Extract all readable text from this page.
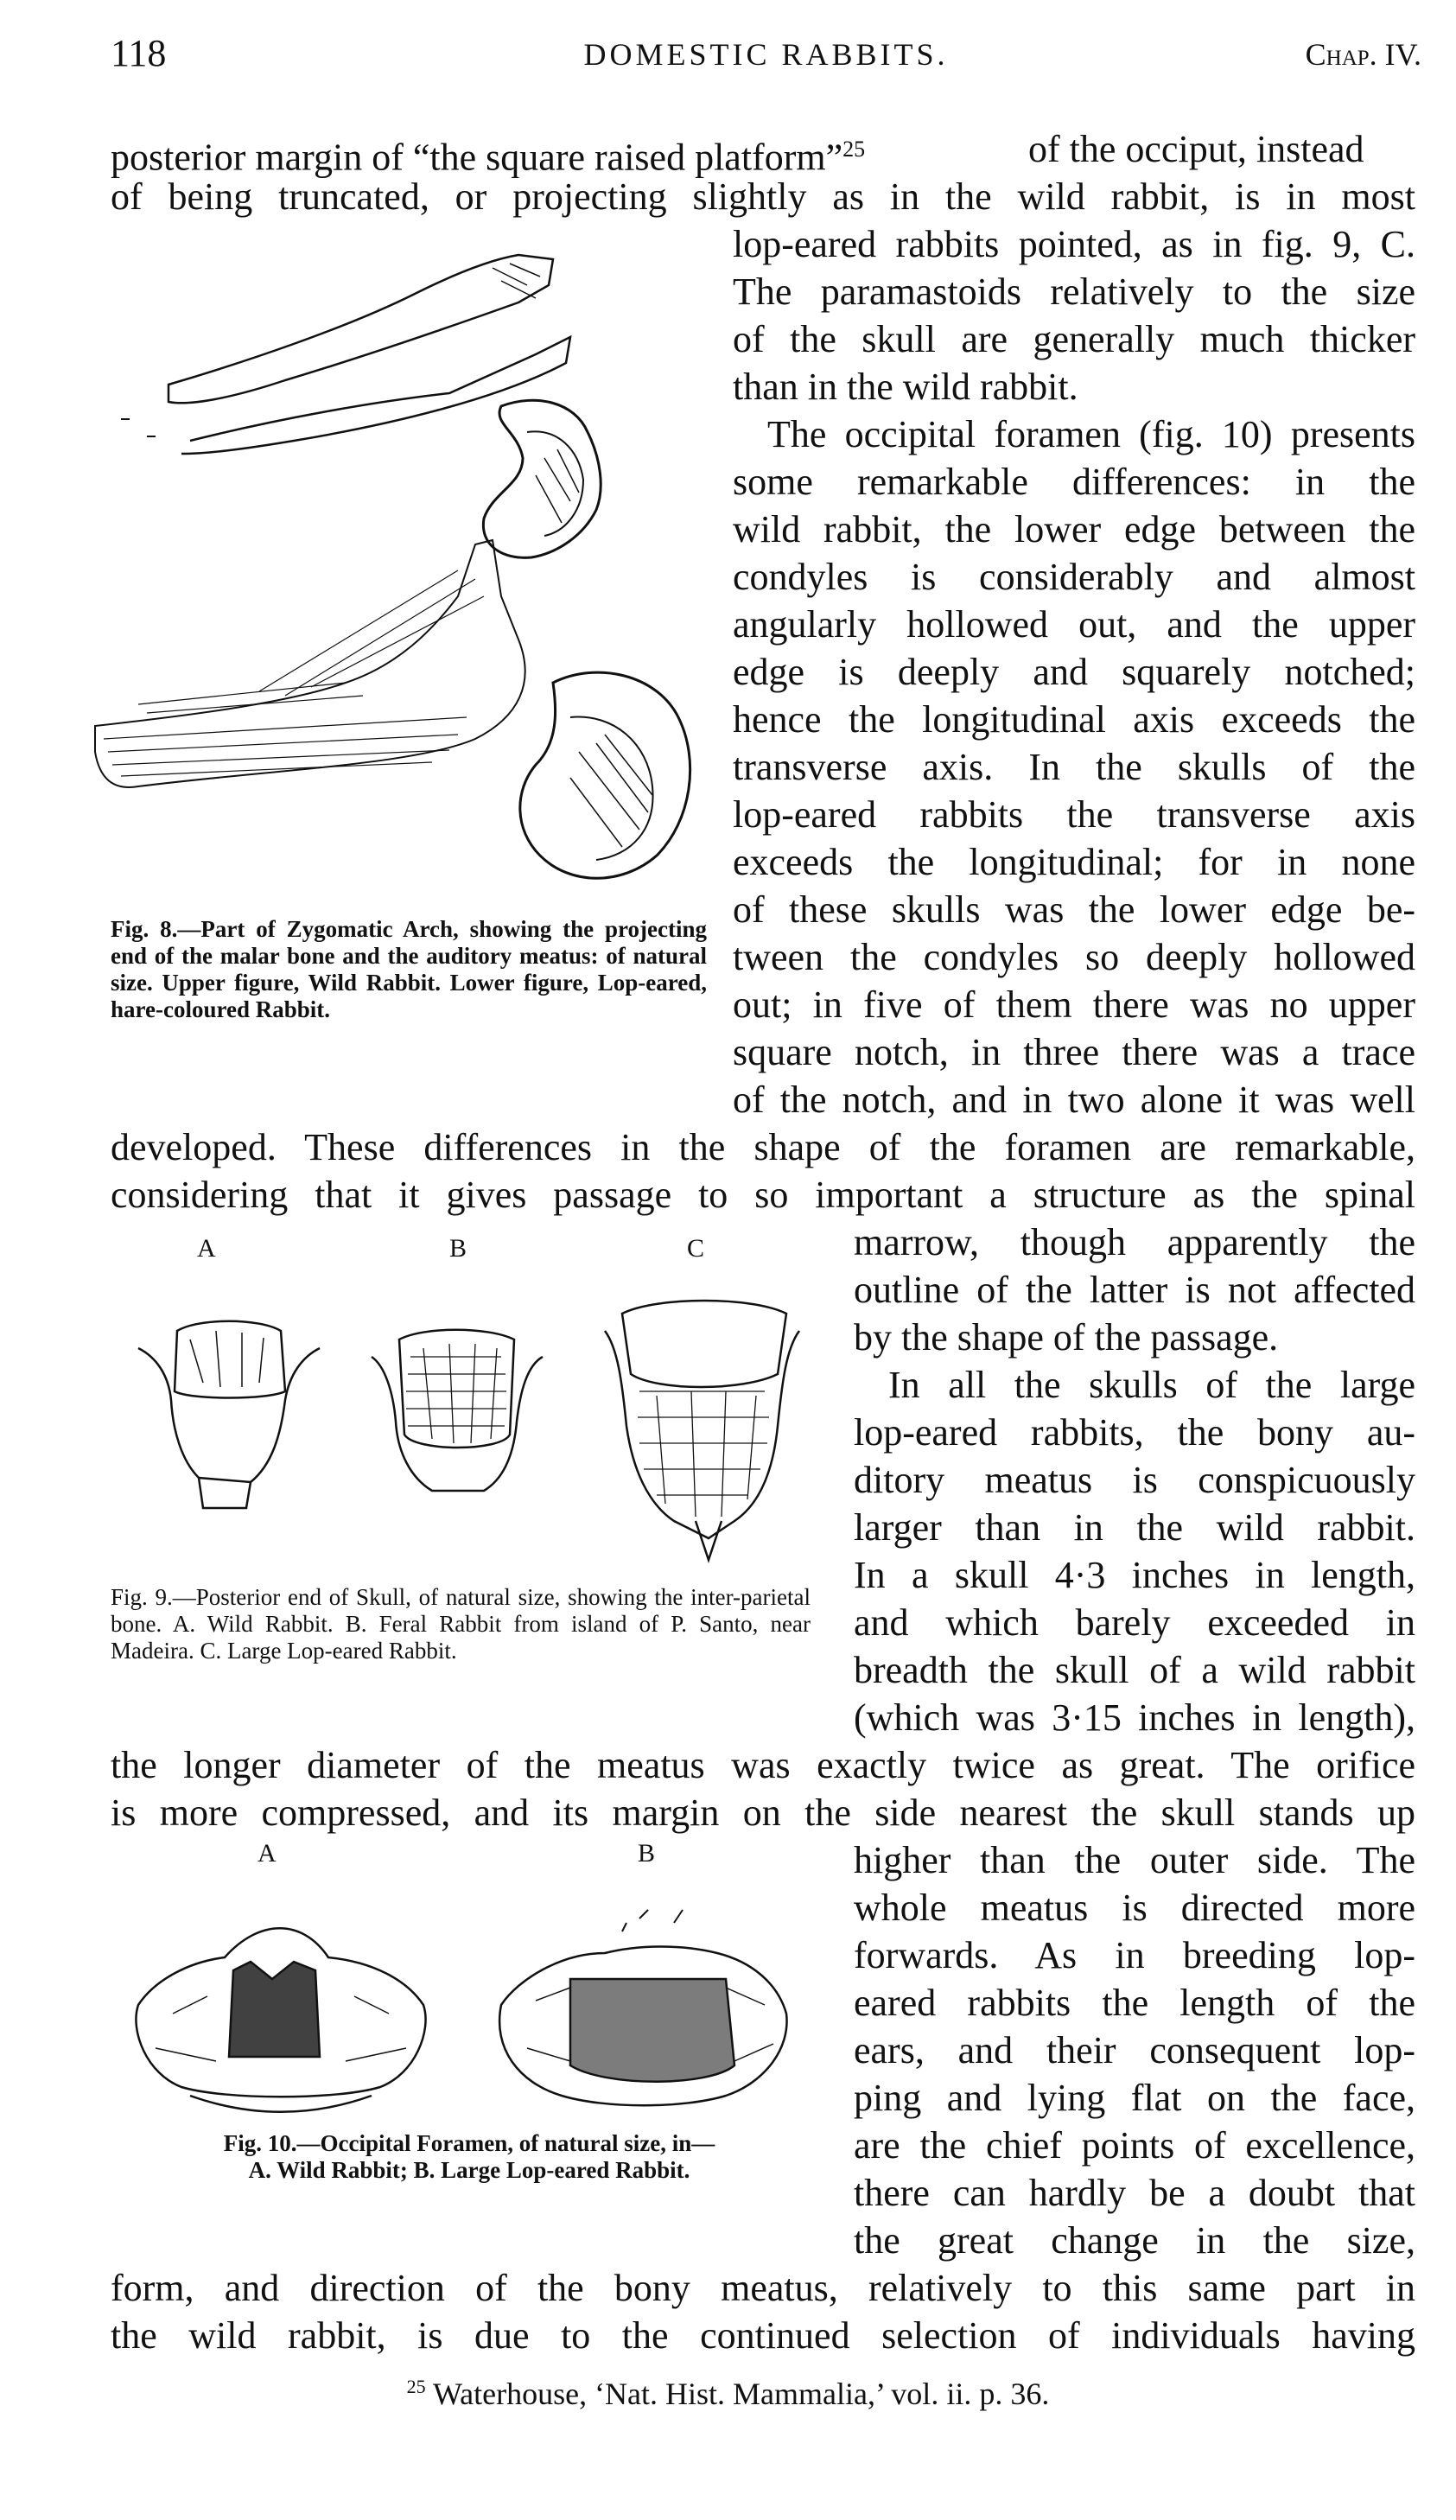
118	DOMESTIC RABBITS.	Chap. IV.
posterior margin of “the square raised platform”$^{25}$	of the occiput, instead
of being truncated, or projecting slightly as in the wild rabbit, is in most
lop-eared rabbits pointed, as in fig. 9, C.
The paramastoids relatively to the size
of the skull are generally much thicker
than in the wild rabbit.
The occipital foramen (fig. 10) presents
some remarkable differences: in the
wild rabbit, the lower edge between the
condyles is considerably and almost
angularly hollowed out, and the upper
edge is deeply and squarely notched;
hence the longitudinal axis exceeds the
transverse axis. In the skulls of the
lop-eared rabbits the transverse axis
exceeds the longitudinal; for in none
of these skulls was the lower edge be-
tween the condyles so deeply hollowed
out; in five of them there was no upper
square notch, in three there was a trace
of the notch, and in two alone it was well
developed. These differences in the shape of the foramen are remarkable,
considering that it gives passage to so important a structure as the spinal
marrow, though apparently the
outline of the latter is not affected
by the shape of the passage.
In all the skulls of the large
lop-eared rabbits, the bony au-
ditory meatus is conspicuously
larger than in the wild rabbit.
In a skull 4·3 inches in length,
and which barely exceeded in
breadth the skull of a wild rabbit
(which was 3·15 inches in length),
the longer diameter of the meatus was exactly twice as great. The orifice
is more compressed, and its margin on the side nearest the skull stands up
higher than the outer side. The
whole meatus is directed more
forwards. As in breeding lop-
eared rabbits the length of the
ears, and their consequent lop-
ping and lying flat on the face,
are the chief points of excellence,
there can hardly be a doubt that
the great change in the size,
form, and direction of the bony meatus, relatively to this same part in
the wild rabbit, is due to the continued selection of individuals having
Fig. 8.—Part of Zygomatic Arch, showing the projecting end of the malar bone and the auditory meatus: of natural size. Upper figure, Wild Rabbit. Lower figure, Lop-eared, hare-coloured Rabbit.
A	B	C
Fig. 9.—Posterior end of Skull, of natural size, showing the inter-parietal bone. A. Wild Rabbit. B. Feral Rabbit from island of P. Santo, near Madeira. C. Large Lop-eared Rabbit.
A	B
Fig. 10.—Occipital Foramen, of natural size, in—
A. Wild Rabbit; B. Large Lop-eared Rabbit.
$^{25}$ Waterhouse, ‘Nat. Hist. Mammalia,’ vol. ii. p. 36.
